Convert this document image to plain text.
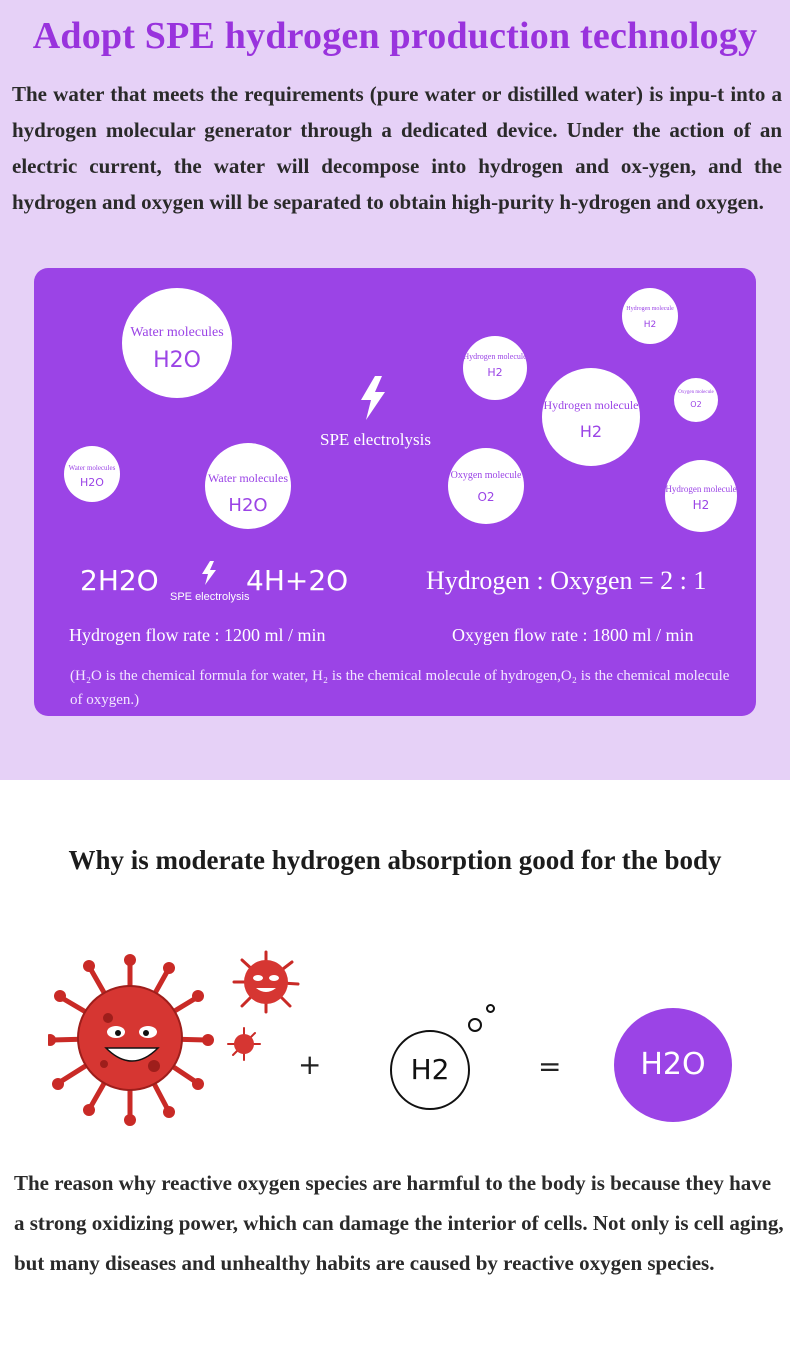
Adopt SPE hydrogen production technology

The water that meets the requirements (pure water or distilled water) is inpu-t into a hydrogen molecular generator through a dedicated device. Under the action of an electric current, the water will decompose into hydrogen and ox-ygen, and the hydrogen and oxygen will be separated to obtain high-purity h-ydrogen and oxygen.

Water molecules
H2O
Water molecules
H2O	Water molecules
H2O
Hydrogen molecule
H2
Hydrogen molecule
H2
Hydrogen molecule
H2
Hydrogen molecule
H2
Oxygen molecule
O2
Oxygen molecule
O2
SPE electrolysis
2H2O SPE electrolysis
4H+2O	Hydrogen : Oxygen = 2 : 1
Hydrogen flow rate : 1200 ml / min	Oxygen flow rate : 1800 ml / min
(H₂O is the chemical formula for water, H₂ is the chemical molecule of hydrogen,O₂ is the chemical molecule of oxygen.)
Why is moderate hydrogen absorption good for the body
+	H2	=	H2O

The reason why reactive oxygen species are harmful to the body is because they have a strong oxidizing power, which can damage the interior of cells. Not only is cell aging, but many diseases and unhealthy habits are caused by reactive oxygen species.
